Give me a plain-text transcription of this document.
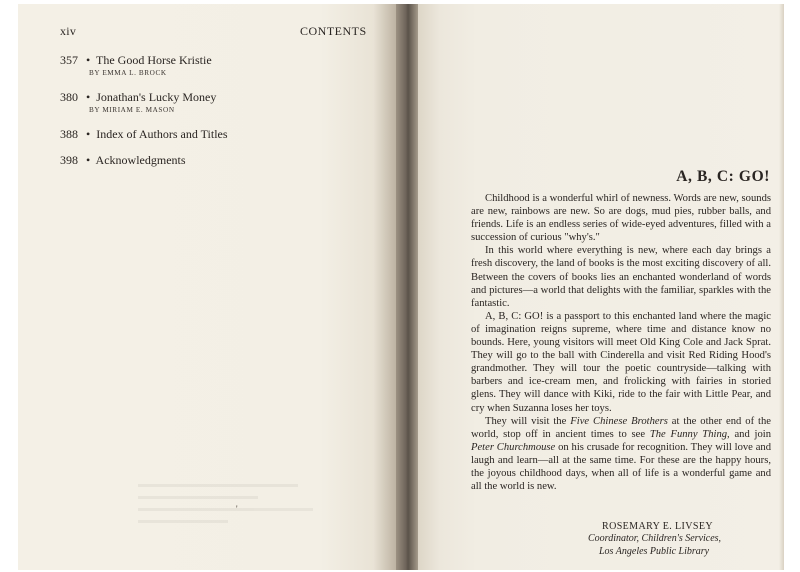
xiv	CONTENTS
357 • The Good Horse Kristie
BY EMMA L. BROCK
380 • Jonathan's Lucky Money
BY MIRIAM E. MASON
388 • Index of Authors and Titles
398 • Acknowledgments
'
A, B, C: GO!

Childhood is a wonderful whirl of newness. Words are new, sounds are new, rainbows are new. So are dogs, mud pies, rubber balls, and friends. Life is an endless series of wide-eyed adventures, filled with a succession of curious "why's."

In this world where everything is new, where each day brings a fresh discovery, the land of books is the most exciting discovery of all. Between the covers of books lies an enchanted wonderland of words and pictures—a world that delights with the familiar, sparkles with the fantastic.

A, B, C: GO! is a passport to this enchanted land where the magic of imagination reigns supreme, where time and distance know no bounds. Here, young visitors will meet Old King Cole and Jack Sprat. They will go to the ball with Cinderella and visit Red Riding Hood's grandmother. They will tour the poetic countryside—talking with barbers and ice-cream men, and frolicking with fairies in storied glens. They will dance with Kiki, ride to the fair with Little Pear, and cry when Suzanna loses her toys.

They will visit the Five Chinese Brothers at the other end of the world, stop off in ancient times to see The Funny Thing, and join Peter Churchmouse on his crusade for recognition. They will love and laugh and learn—all at the same time. For these are the happy hours, the joyous childhood days, when all of life is a wonderful game and all the world is new.

ROSEMARY E. LIVSEY
Coordinator, Children's Services,
Los Angeles Public Library
